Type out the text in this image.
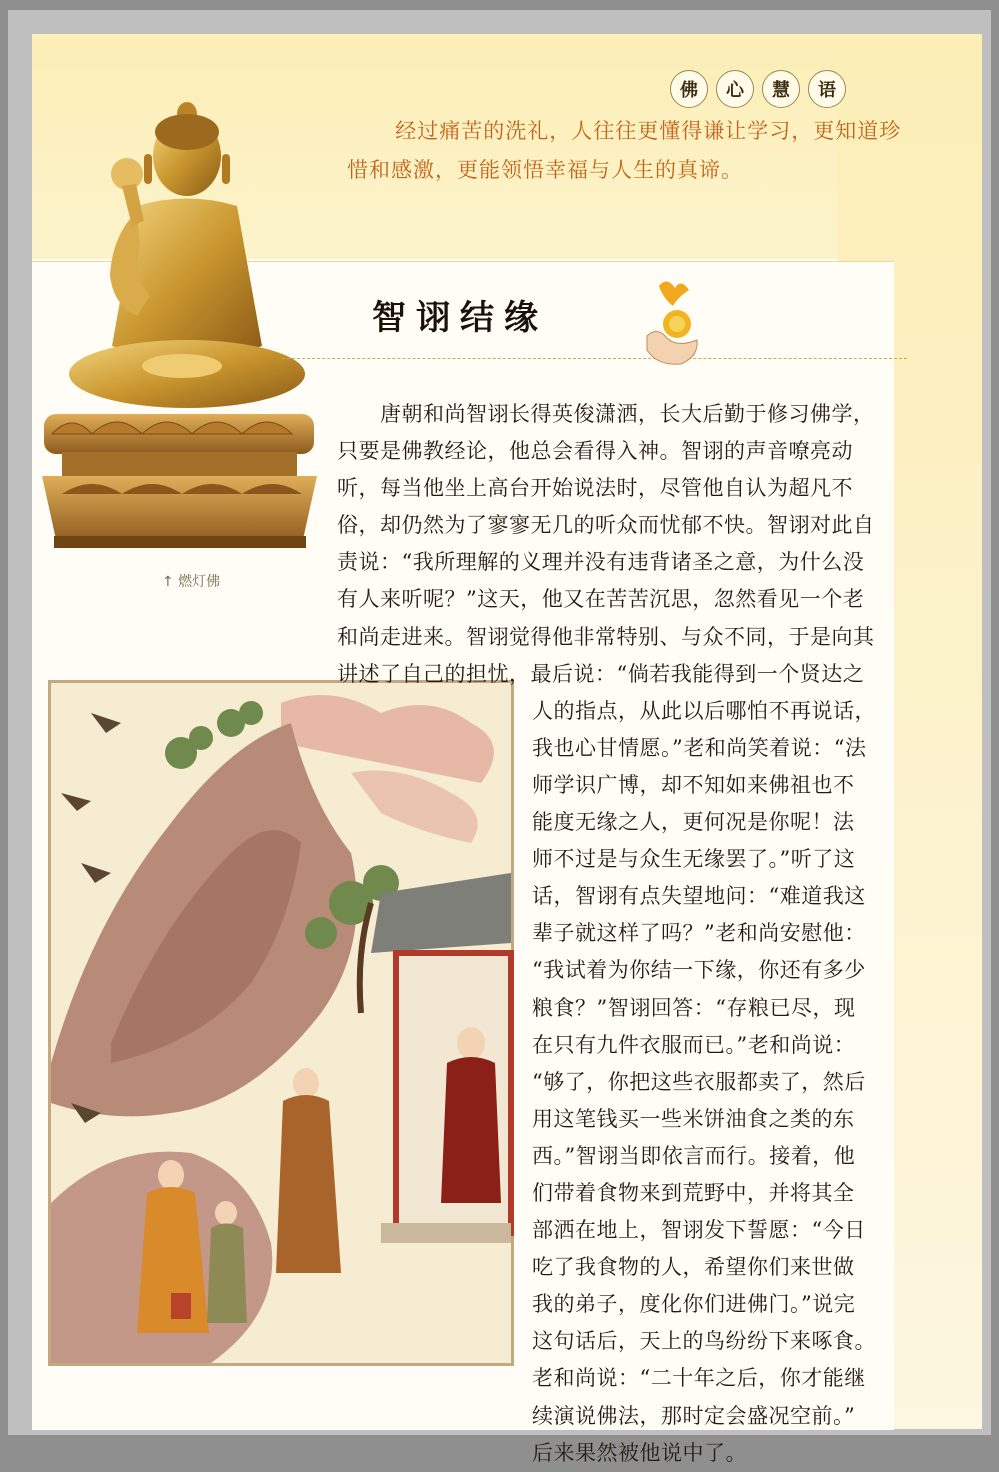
佛	心	慧	语
经过痛苦的洗礼，人往往更懂得谦让学习，更知道珍惜和感激，更能领悟幸福与人生的真谛。
↑ 燃灯佛
智诩结缘
　　唐朝和尚智诩长得英俊潇洒，长大后勤于修习佛学，
只要是佛教经论，他总会看得入神。智诩的声音嘹亮动
听，每当他坐上高台开始说法时，尽管他自认为超凡不
俗，却仍然为了寥寥无几的听众而忧郁不快。智诩对此自
责说：“我所理解的义理并没有违背诸圣之意，为什么没
有人来听呢？”这天，他又在苦苦沉思，忽然看见一个老
和尚走进来。智诩觉得他非常特别、与众不同，于是向其
讲述了自己的担忧，最后说：“倘若我能得到一个贤达之
人的指点，从此以后哪怕不再说话，
我也心甘情愿。”老和尚笑着说：“法
师学识广博，却不知如来佛祖也不
能度无缘之人，更何况是你呢！法
师不过是与众生无缘罢了。”听了这
话，智诩有点失望地问：“难道我这
辈子就这样了吗？”老和尚安慰他：
“我试着为你结一下缘，你还有多少
粮食？”智诩回答：“存粮已尽，现
在只有九件衣服而已。”老和尚说：
“够了，你把这些衣服都卖了，然后
用这笔钱买一些米饼油食之类的东
西。”智诩当即依言而行。接着，他
们带着食物来到荒野中，并将其全
部洒在地上，智诩发下誓愿：“今日
吃了我食物的人，希望你们来世做
我的弟子，度化你们进佛门。”说完
这句话后，天上的鸟纷纷下来啄食。
老和尚说：“二十年之后，你才能继
续演说佛法，那时定会盛况空前。”
后来果然被他说中了。
